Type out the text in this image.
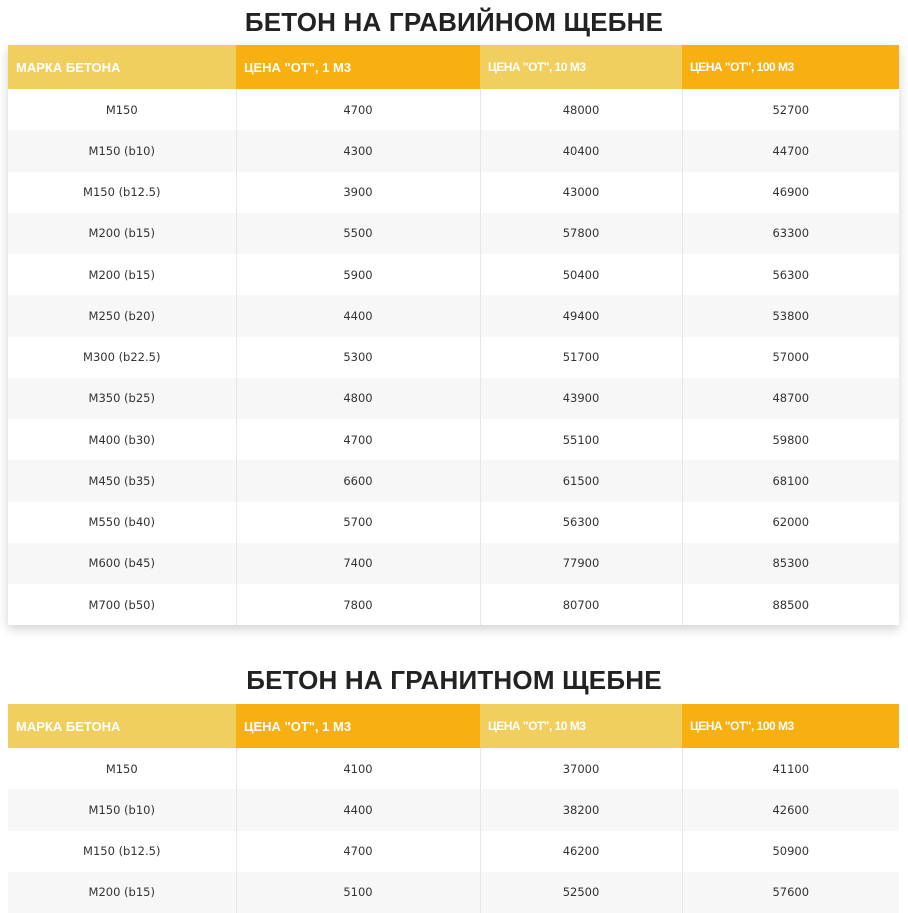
БЕТОН НА ГРАВИЙНОМ ЩЕБНЕ
МАРКА БЕТОНА	ЦЕНА "ОТ", 1 М3	ЦЕНА "ОТ", 10 М3	ЦЕНА "ОТ", 100 М3
М150	4700	48000	52700
М150 (b10)	4300	40400	44700
М150 (b12.5)	3900	43000	46900
М200 (b15)	5500	57800	63300
М200 (b15)	5900	50400	56300
М250 (b20)	4400	49400	53800
М300 (b22.5)	5300	51700	57000
М350 (b25)	4800	43900	48700
М400 (b30)	4700	55100	59800
М450 (b35)	6600	61500	68100
М550 (b40)	5700	56300	62000
М600 (b45)	7400	77900	85300
М700 (b50)	7800	80700	88500
БЕТОН НА ГРАНИТНОМ ЩЕБНЕ
МАРКА БЕТОНА	ЦЕНА "ОТ", 1 М3	ЦЕНА "ОТ", 10 М3	ЦЕНА "ОТ", 100 М3
М150	4100	37000	41100
М150 (b10)	4400	38200	42600
М150 (b12.5)	4700	46200	50900
М200 (b15)	5100	52500	57600
